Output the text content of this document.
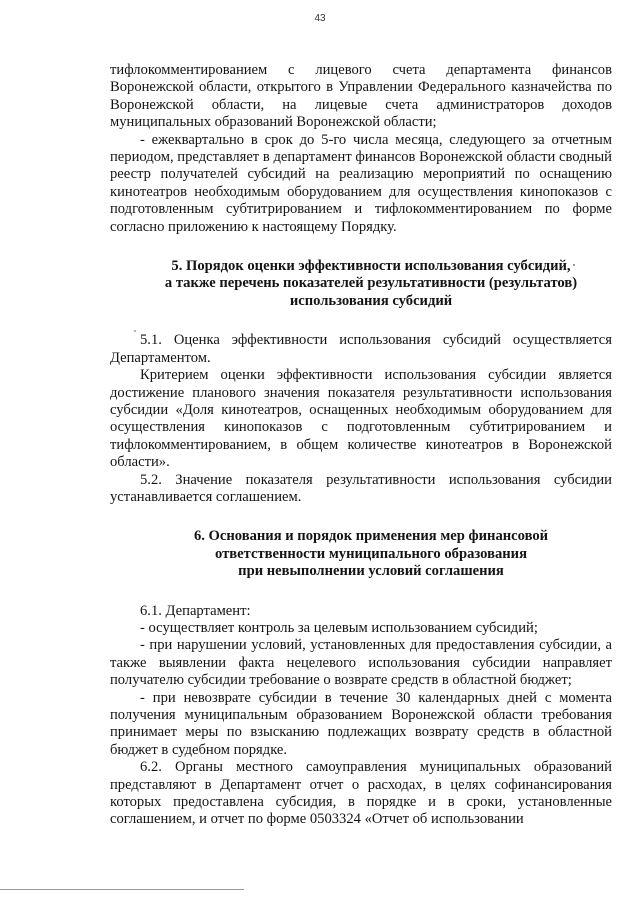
43

тифлокомментированием с лицевого счета департамента финансов Воронежской области, открытого в Управлении Федерального казначейства по Воронежской области, на лицевые счета администраторов доходов муниципальных образований Воронежской области;

- ежеквартально в срок до 5-го числа месяца, следующего за отчетным периодом, представляет в департамент финансов Воронежской области сводный реестр получателей субсидий на реализацию мероприятий по оснащению кинотеатров необходимым оборудованием для осуществления кинопоказов с подготовленным субтитрированием и тифлокомментированием по форме согласно приложению к настоящему Порядку.

5. Порядок оценки эффективности использования субсидий,
а также перечень показателей результативности (результатов)
использования субсидий

5.1. Оценка эффективности использования субсидий осуществляется Департаментом.

Критерием оценки эффективности использования субсидии является достижение планового значения показателя результативности использования субсидии «Доля кинотеатров, оснащенных необходимым оборудованием для осуществления кинопоказов с подготовленным субтитрированием и тифлокомментированием, в общем количестве кинотеатров в Воронежской области».

5.2. Значение показателя результативности использования субсидии устанавливается соглашением.

6. Основания и порядок применения мер финансовой
ответственности муниципального образования
при невыполнении условий соглашения

6.1. Департамент:

- осуществляет контроль за целевым использованием субсидий;

- при нарушении условий, установленных для предоставления субсидии, а также выявлении факта нецелевого использования субсидии направляет получателю субсидии требование о возврате средств в областной бюджет;

- при невозврате субсидии в течение 30 календарных дней с момента получения муниципальным образованием Воронежской области требования принимает меры по взысканию подлежащих возврату средств в областной бюджет в судебном порядке.

6.2. Органы местного самоуправления муниципальных образований представляют в Департамент отчет о расходах, в целях софинансирования которых предоставлена субсидия, в порядке и в сроки, установленные соглашением, и отчет по форме 0503324 «Отчет об использовании
